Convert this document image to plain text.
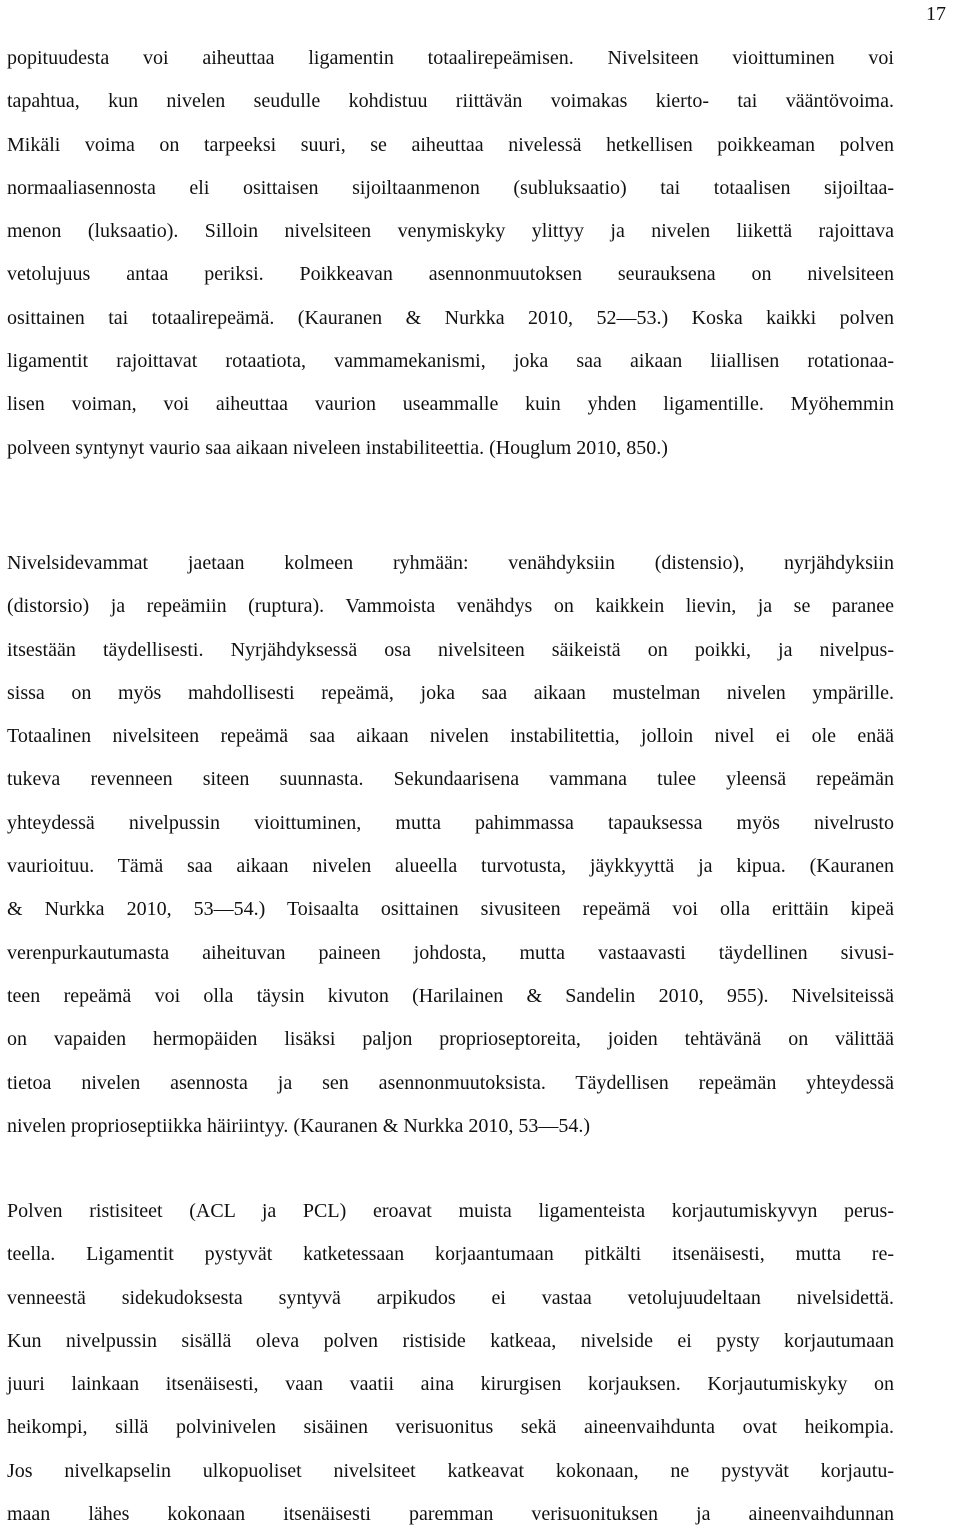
17
popituudesta voi aiheuttaa ligamentin totaalirepeämisen. Nivelsiteen vioittuminen voi
tapahtua, kun nivelen seudulle kohdistuu riittävän voimakas kierto- tai vääntövoima.
Mikäli voima on tarpeeksi suuri, se aiheuttaa nivelessä hetkellisen poikkeaman polven
normaaliasennosta eli osittaisen sijoiltaanmenon (subluksaatio) tai totaalisen sijoiltaa-
menon (luksaatio). Silloin nivelsiteen venymiskyky ylittyy ja nivelen liikettä rajoittava
vetolujuus antaa periksi. Poikkeavan asennonmuutoksen seurauksena on nivelsiteen
osittainen tai totaalirepeämä. (Kauranen & Nurkka 2010, 52—53.) Koska kaikki polven
ligamentit rajoittavat rotaatiota, vammamekanismi, joka saa aikaan liiallisen rotationaa-
lisen voiman, voi aiheuttaa vaurion useammalle kuin yhden ligamentille. Myöhemmin
polveen syntynyt vaurio saa aikaan niveleen instabiliteettia. (Houglum 2010, 850.)
Nivelsidevammat jaetaan kolmeen ryhmään: venähdyksiin (distensio), nyrjähdyksiin
(distorsio) ja repeämiin (ruptura). Vammoista venähdys on kaikkein lievin, ja se paranee
itsestään täydellisesti. Nyrjähdyksessä osa nivelsiteen säikeistä on poikki, ja nivelpus-
sissa on myös mahdollisesti repeämä, joka saa aikaan mustelman nivelen ympärille.
Totaalinen nivelsiteen repeämä saa aikaan nivelen instabilitettia, jolloin nivel ei ole enää
tukeva revenneen siteen suunnasta. Sekundaarisena vammana tulee yleensä repeämän
yhteydessä nivelpussin vioittuminen, mutta pahimmassa tapauksessa myös nivelrusto
vaurioituu. Tämä saa aikaan nivelen alueella turvotusta, jäykkyyttä ja kipua. (Kauranen
& Nurkka 2010, 53—54.) Toisaalta osittainen sivusiteen repeämä voi olla erittäin kipeä
verenpurkautumasta aiheituvan paineen johdosta, mutta vastaavasti täydellinen sivusi-
teen repeämä voi olla täysin kivuton (Harilainen & Sandelin 2010, 955). Nivelsiteissä
on vapaiden hermopäiden lisäksi paljon proprioseptoreita, joiden tehtävänä on välittää
tietoa nivelen asennosta ja sen asennonmuutoksista. Täydellisen repeämän yhteydessä
nivelen proprioseptiikka häiriintyy. (Kauranen & Nurkka 2010, 53—54.)
Polven ristisiteet (ACL ja PCL) eroavat muista ligamenteista korjautumiskyvyn perus-
teella. Ligamentit pystyvät katketessaan korjaantumaan pitkälti itsenäisesti, mutta re-
venneestä sidekudoksesta syntyvä arpikudos ei vastaa vetolujuudeltaan nivelsidettä.
Kun nivelpussin sisällä oleva polven ristiside katkeaa, nivelside ei pysty korjautumaan
juuri lainkaan itsenäisesti, vaan vaatii aina kirurgisen korjauksen. Korjautumiskyky on
heikompi, sillä polvinivelen sisäinen verisuonitus sekä aineenvaihdunta ovat heikompia.
Jos nivelkapselin ulkopuoliset nivelsiteet katkeavat kokonaan, ne pystyvät korjautu-
maan lähes kokonaan itsenäisesti paremman verisuonituksen ja aineenvaihdunnan
